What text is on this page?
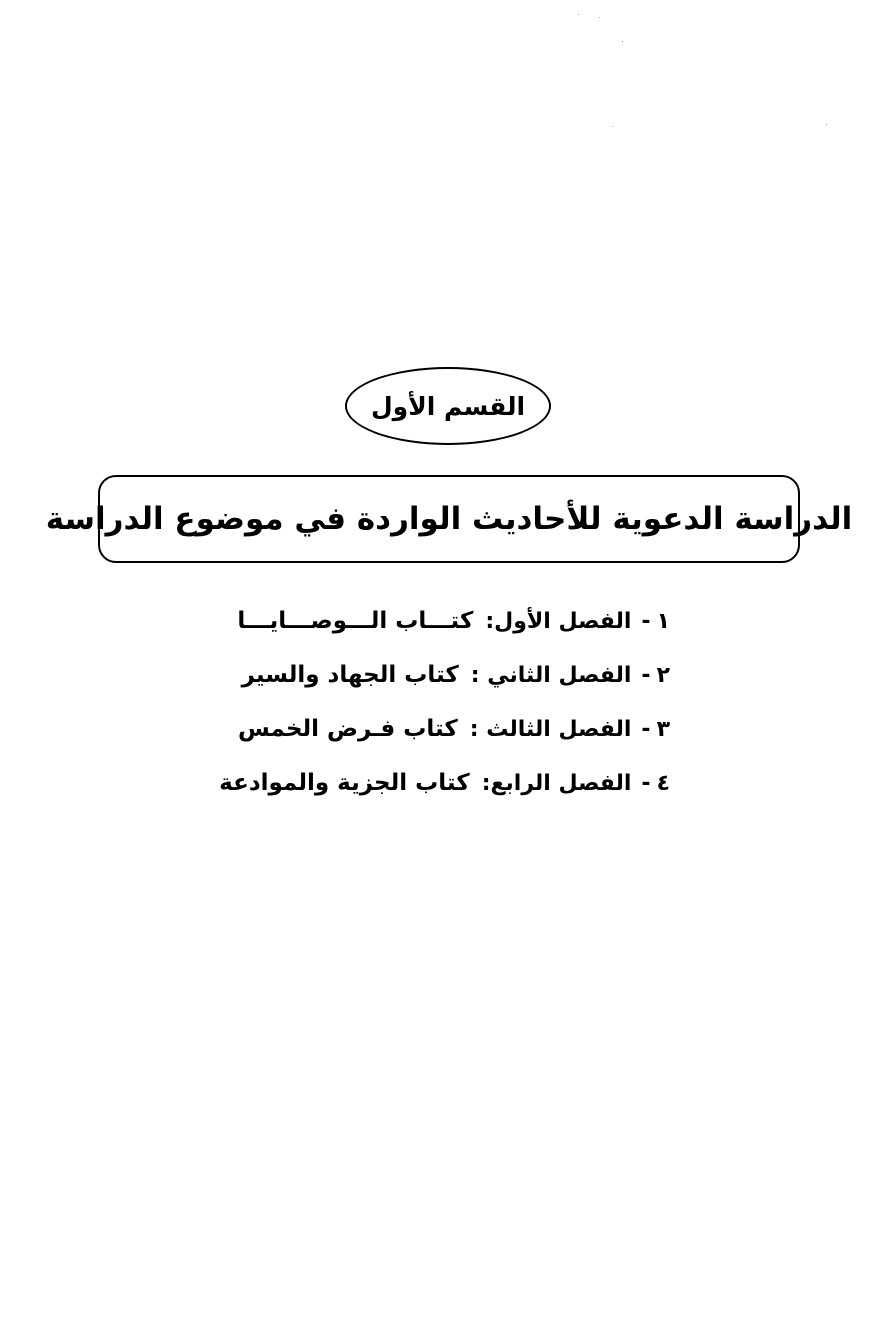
القسم الأول
الدراسة الدعوية للأحاديث الواردة في موضوع الدراسة
١
-
الفصل الأول:
كتـــاب الـــوصـــايـــا
٢
-
الفصل الثاني :
كتاب الجهاد والسير
٣
-
الفصل الثالث :
كتاب فـرض الخمس
٤
-
الفصل الرابع:
كتاب الجزية والموادعة
